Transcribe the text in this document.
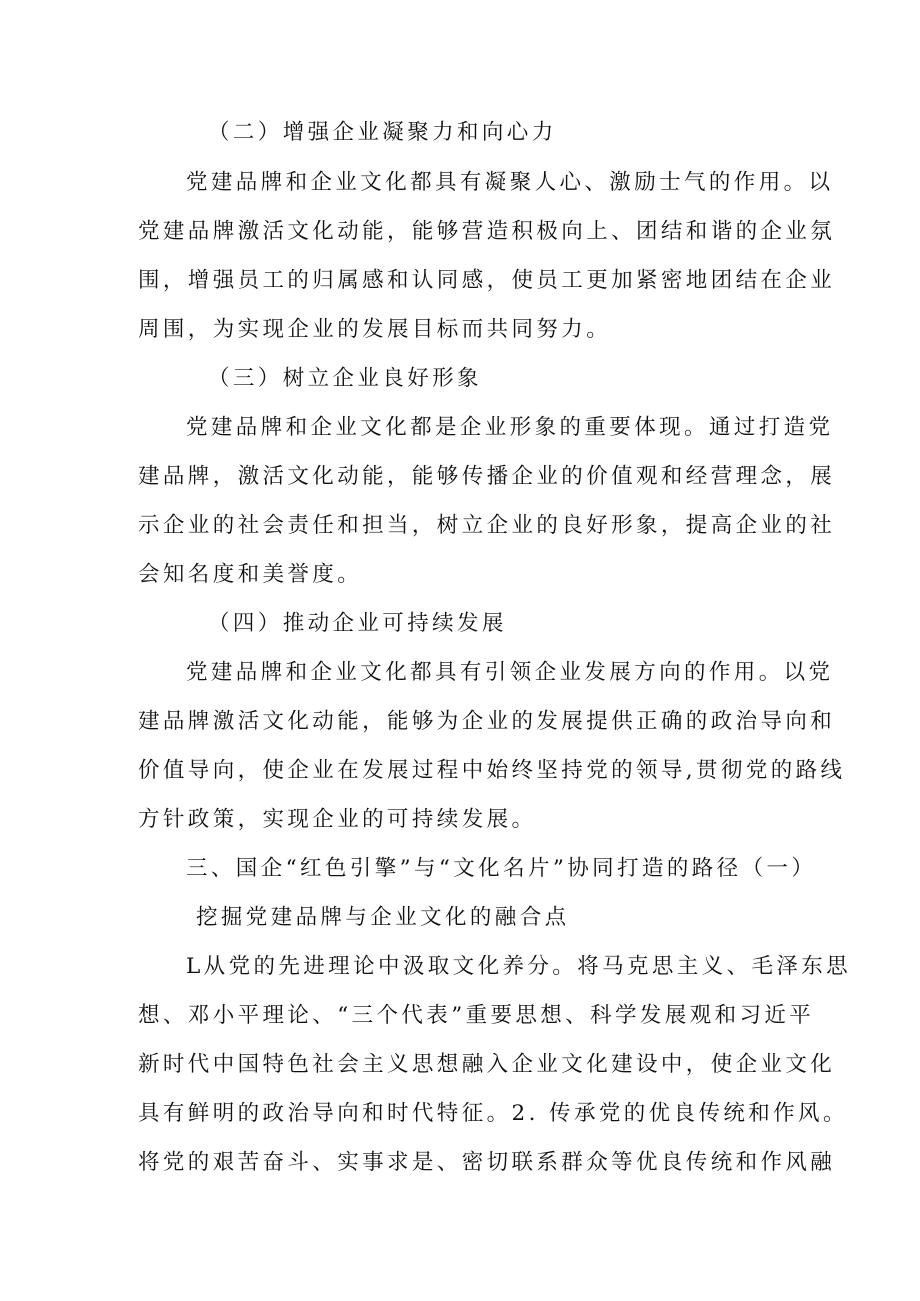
（二）增强企业凝聚力和向心力
党建品牌和企业文化都具有凝聚人心、激励士气的作用。以
党建品牌激活文化动能，能够营造积极向上、团结和谐的企业氛
围，增强员工的归属感和认同感，使员工更加紧密地团结在企业
周围，为实现企业的发展目标而共同努力。
（三）树立企业良好形象
党建品牌和企业文化都是企业形象的重要体现。通过打造党
建品牌，激活文化动能，能够传播企业的价值观和经营理念，展
示企业的社会责任和担当，树立企业的良好形象，提高企业的社
会知名度和美誉度。
（四）推动企业可持续发展
党建品牌和企业文化都具有引领企业发展方向的作用。以党
建品牌激活文化动能，能够为企业的发展提供正确的政治导向和
价值导向，使企业在发展过程中始终坚持党的领导,贯彻党的路线
方针政策，实现企业的可持续发展。
三、国企“红色引擎”与“文化名片”协同打造的路径（一）
挖掘党建品牌与企业文化的融合点
L从党的先进理论中汲取文化养分。将马克思主义、毛泽东思
想、邓小平理论、“三个代表”重要思想、科学发展观和习近平
新时代中国特色社会主义思想融入企业文化建设中，使企业文化
具有鲜明的政治导向和时代特征。2. 传承党的优良传统和作风。
将党的艰苦奋斗、实事求是、密切联系群众等优良传统和作风融
